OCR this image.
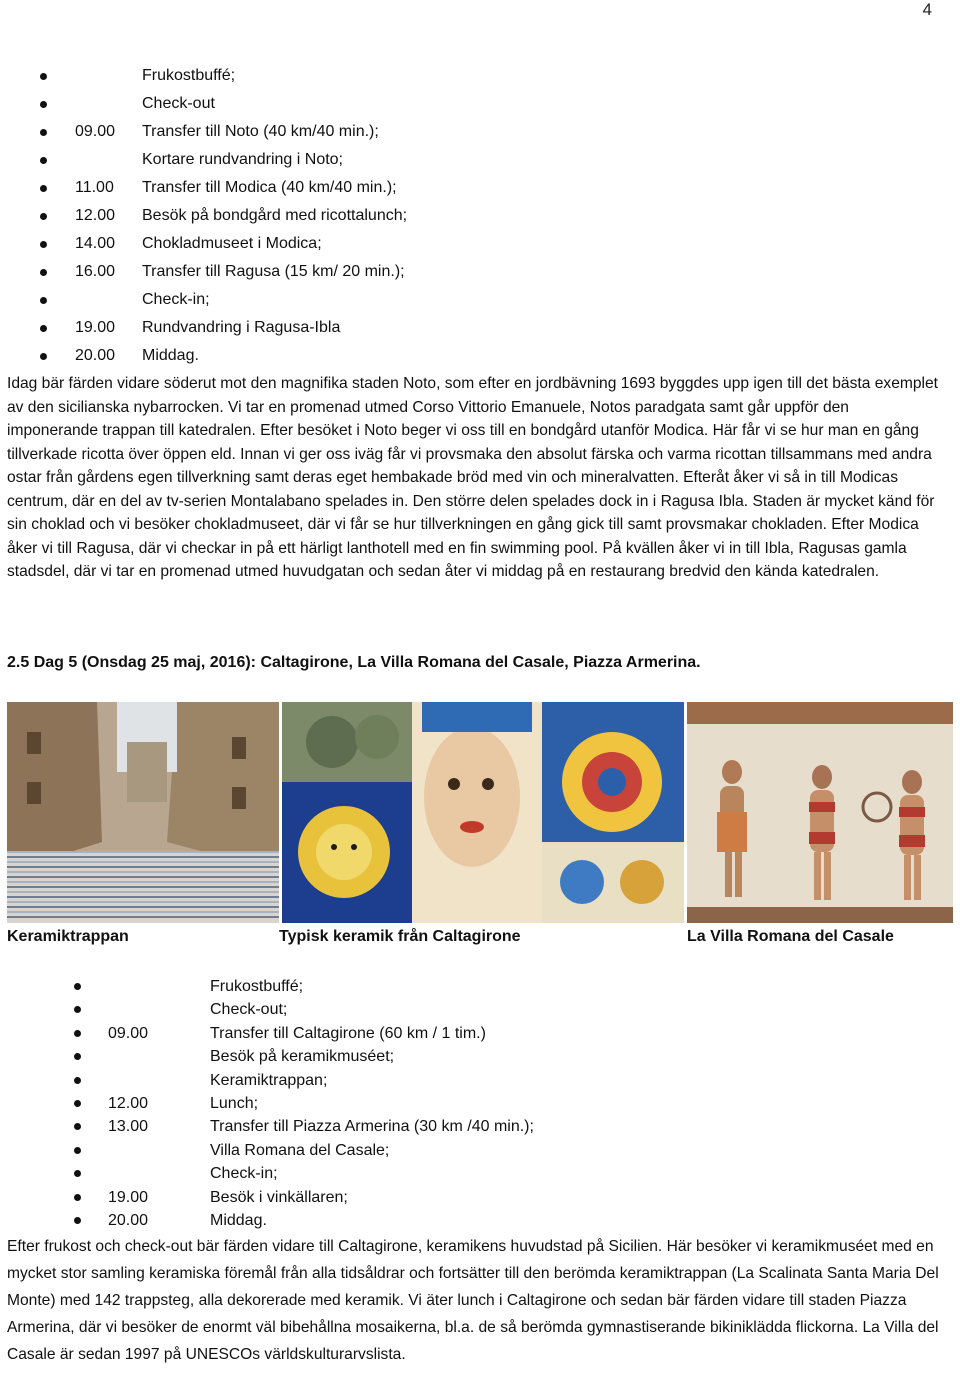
4
Frukostbuffé;
Check-out
09.00 Transfer till Noto (40 km/40 min.);
Kortare rundvandring i Noto;
11.00 Transfer till Modica (40 km/40 min.);
12.00 Besök på bondgård med ricottalunch;
14.00 Chokladmuseet i Modica;
16.00 Transfer till Ragusa (15 km/ 20 min.);
Check-in;
19.00 Rundvandring i Ragusa-Ibla
20.00 Middag.

Idag bär färden vidare söderut mot den magnifika staden Noto, som efter en jordbävning 1693 byggdes upp igen till det bästa exemplet av den sicilianska nybarrocken. Vi tar en promenad utmed Corso Vittorio Emanuele, Notos paradgata samt går uppför den imponerande trappan till katedralen. Efter besöket i Noto beger vi oss till en bondgård utanför Modica. Här får vi se hur man en gång tillverkade ricotta över öppen eld. Innan vi ger oss iväg får vi provsmaka den absolut färska och varma ricottan tillsammans med andra ostar från gårdens egen tillverkning samt deras eget hembakade bröd med vin och mineralvatten. Efteråt åker vi så in till Modicas centrum, där en del av tv-serien Montalabano spelades in. Den större delen spelades dock in i Ragusa Ibla. Staden är mycket känd för sin choklad och vi besöker chokladmuseet, där vi får se hur tillverkningen en gång gick till samt provsmakar chokladen. Efter Modica åker vi till Ragusa, där vi checkar in på ett härligt lanthotell med en fin swimming pool. På kvällen åker vi in till Ibla, Ragusas gamla stadsdel, där vi tar en promenad utmed huvudgatan och sedan åter vi middag på en restaurang bredvid den kända katedralen.

2.5 Dag 5 (Onsdag 25 maj, 2016): Caltagirone, La Villa Romana del Casale, Piazza Armerina.
Keramiktrappan	Typisk keramik från Caltagirone	La Villa Romana del Casale
Frukostbuffé;
Check-out;
09.00	Transfer till Caltagirone (60 km / 1 tim.)
Besök på keramikmuséet;
Keramiktrappan;
12.00	Lunch;
13.00	Transfer till Piazza Armerina (30 km /40 min.);
Villa Romana del Casale;
Check-in;
19.00	Besök i vinkällaren;
20.00	Middag.

Efter frukost och check-out bär färden vidare till Caltagirone, keramikens huvudstad på Sicilien. Här besöker vi keramikmuséet med en mycket stor samling keramiska föremål från alla tidsåldrar och fortsätter till den berömda keramiktrappan (La Scalinata Santa Maria Del Monte) med 142 trappsteg, alla dekorerade med keramik. Vi äter lunch i Caltagirone och sedan bär färden vidare till staden Piazza Armerina, där vi besöker de enormt väl bibehållna mosaikerna, bl.a. de så berömda gymnastiserande bikiniklädda flickorna. La Villa del Casale är sedan 1997 på UNESCOs världskulturarvslista.
